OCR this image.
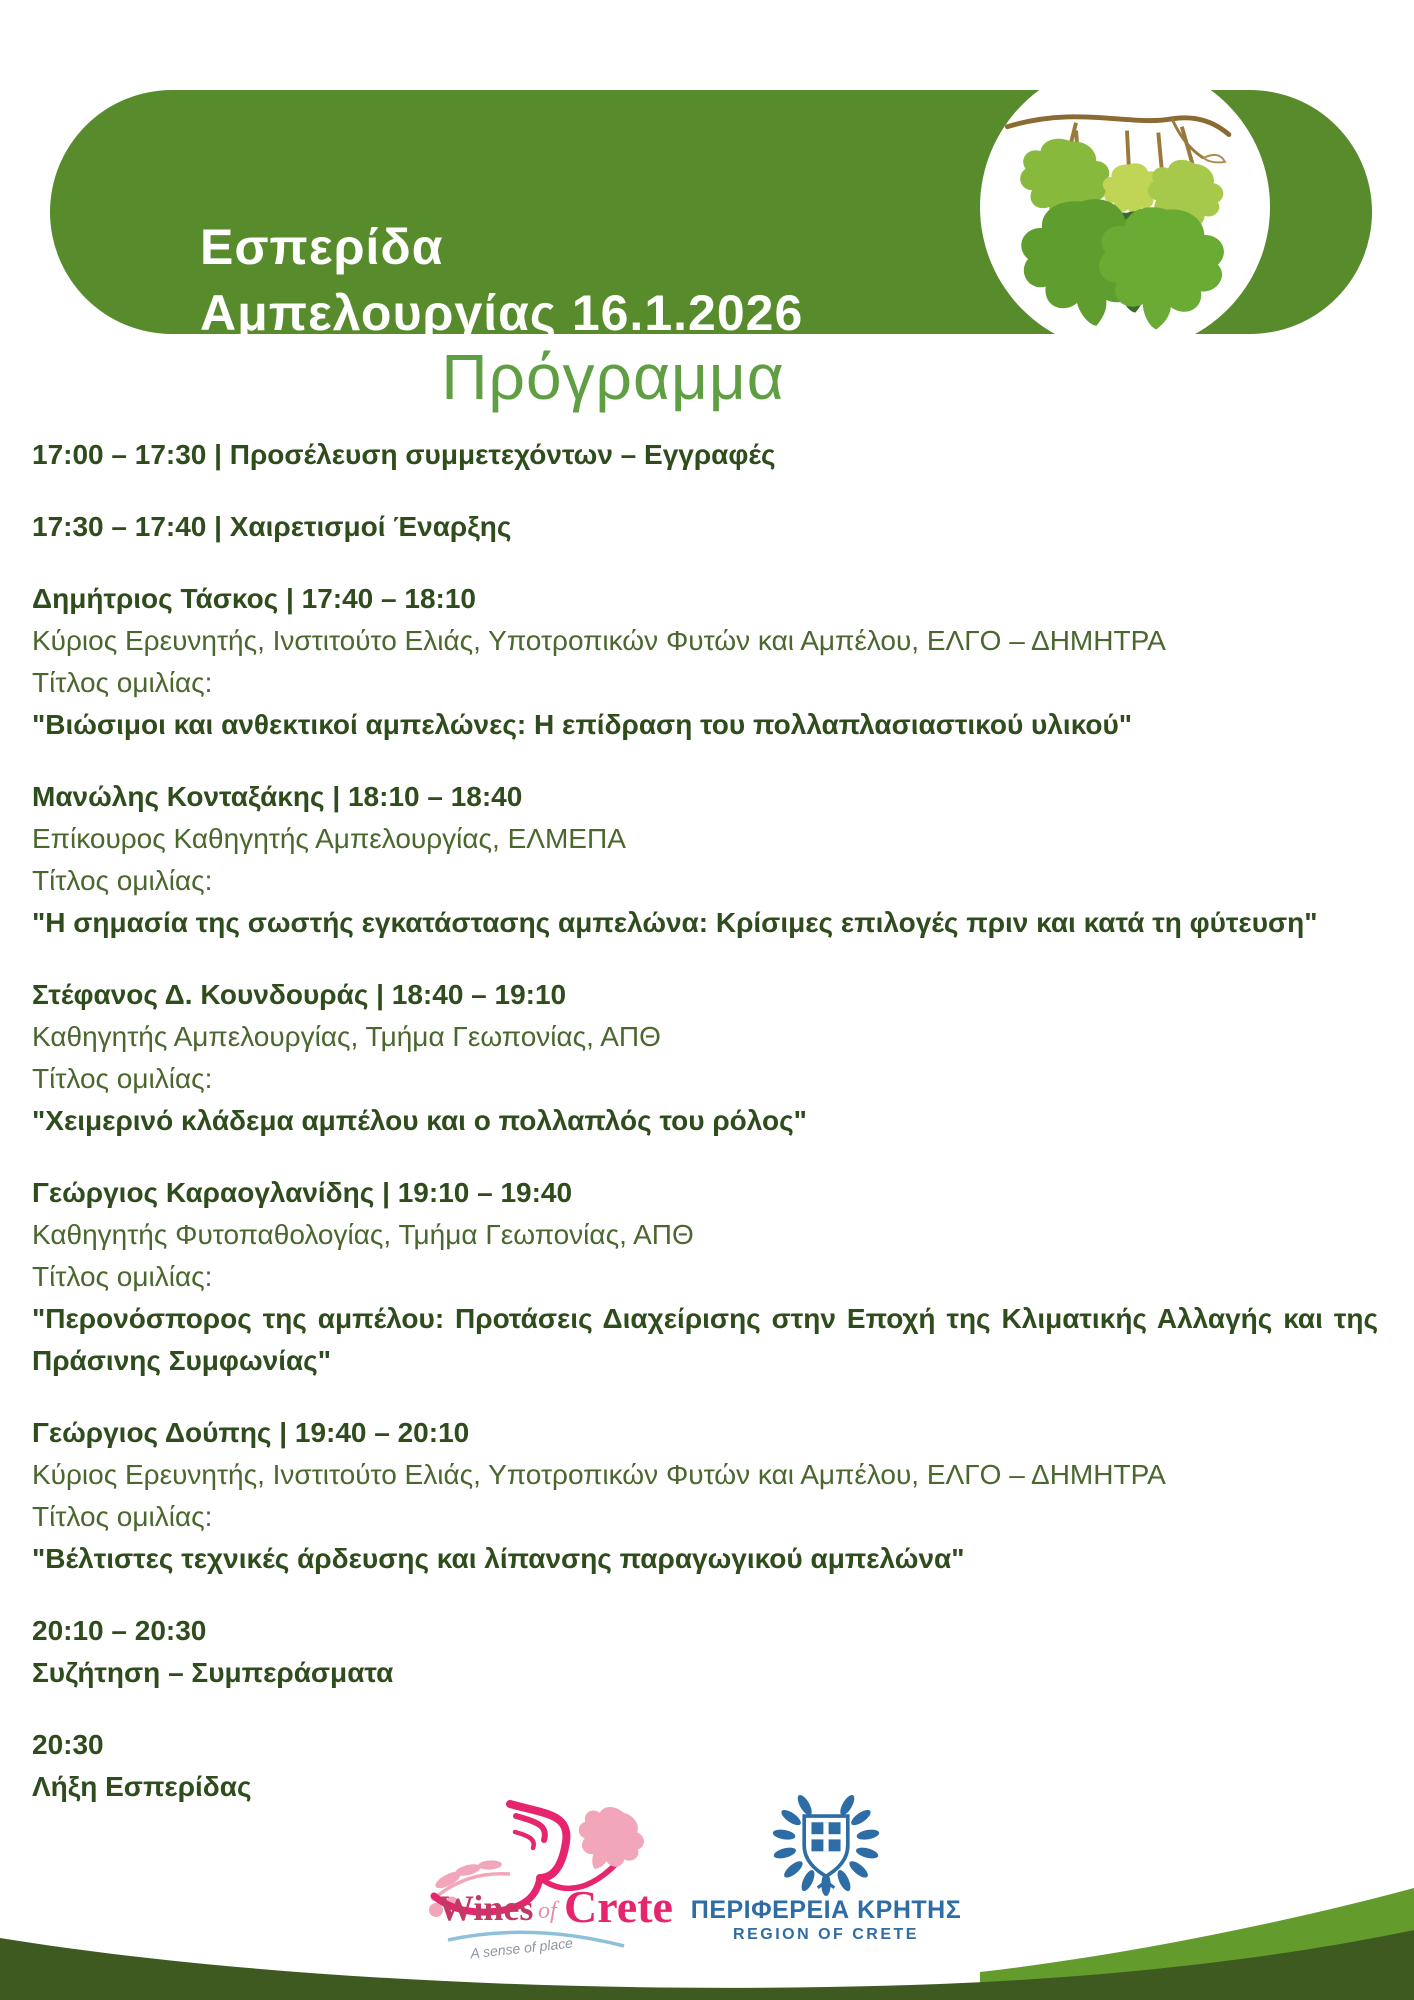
Εσπερίδα
Αμπελουργίας 16.1.2026
Πρόγραμμα
17:00 – 17:30 | Προσέλευση συμμετεχόντων – Εγγραφές
17:30 – 17:40 | Χαιρετισμοί Έναρξης
Δημήτριος Τάσκος | 17:40 – 18:10
Κύριος Ερευνητής, Ινστιτούτο Ελιάς, Υποτροπικών Φυτών και Αμπέλου, ΕΛΓΟ – ΔΗΜΗΤΡΑ
Τίτλος ομιλίας:
"Βιώσιμοι και ανθεκτικοί αμπελώνες: Η επίδραση του πολλαπλασιαστικού υλικού"
Μανώλης Κονταξάκης | 18:10 – 18:40
Επίκουρος Καθηγητής Αμπελουργίας, ΕΛΜΕΠΑ
Τίτλος ομιλίας:
"Η σημασία της σωστής εγκατάστασης αμπελώνα: Κρίσιμες επιλογές πριν και κατά τη φύτευση"
Στέφανος Δ. Κουνδουράς | 18:40 – 19:10
Καθηγητής Αμπελουργίας, Τμήμα Γεωπονίας, ΑΠΘ
Τίτλος ομιλίας:
"Χειμερινό κλάδεμα αμπέλου και ο πολλαπλός του ρόλος"
Γεώργιος Καραογλανίδης | 19:10 – 19:40
Καθηγητής Φυτοπαθολογίας, Τμήμα Γεωπονίας, ΑΠΘ
Τίτλος ομιλίας:
"Περονόσπορος της αμπέλου: Προτάσεις Διαχείρισης στην Εποχή της Κλιματικής Αλλαγής και της Πράσινης Συμφωνίας"
Γεώργιος Δούπης | 19:40 – 20:10
Κύριος Ερευνητής, Ινστιτούτο Ελιάς, Υποτροπικών Φυτών και Αμπέλου, ΕΛΓΟ – ΔΗΜΗΤΡΑ
Τίτλος ομιλίας:
"Βέλτιστες τεχνικές άρδευσης και λίπανσης παραγωγικού αμπελώνα"
20:10 – 20:30
Συζήτηση – Συμπεράσματα
20:30
Λήξη Εσπερίδας
Wines of Crete
A sense of place
ΠΕΡΙΦΕΡΕΙΑ ΚΡΗΤΗΣ
REGION OF CRETE
